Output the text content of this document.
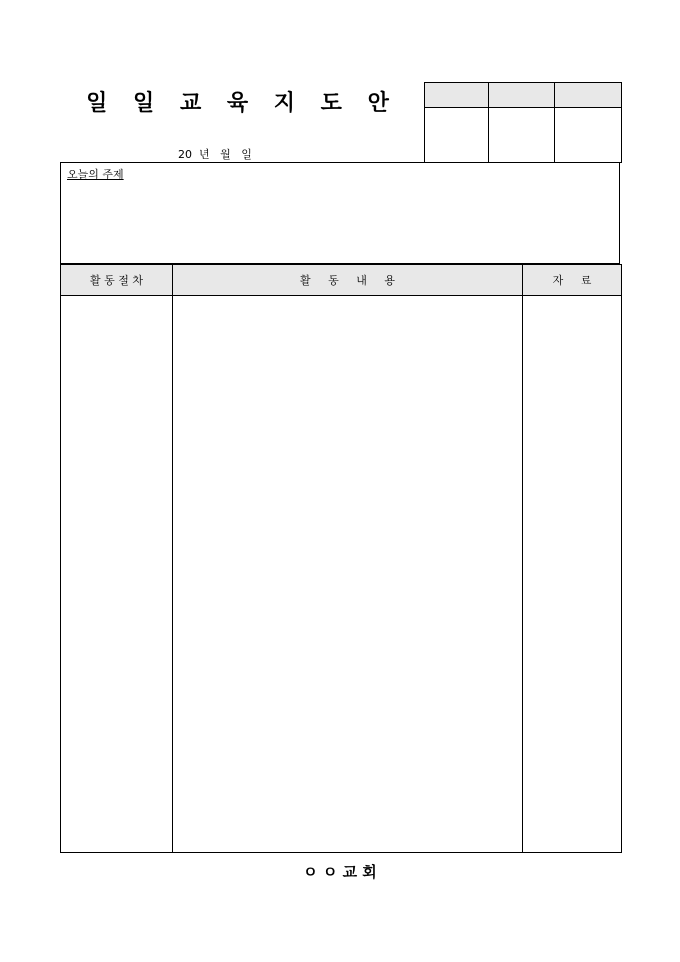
일 일 교 육 지 도 안
20  년   월   일

오늘의 주제
활 동 절 차	활     동     내     용	자     료

ㅇ ㅇ 교 회
